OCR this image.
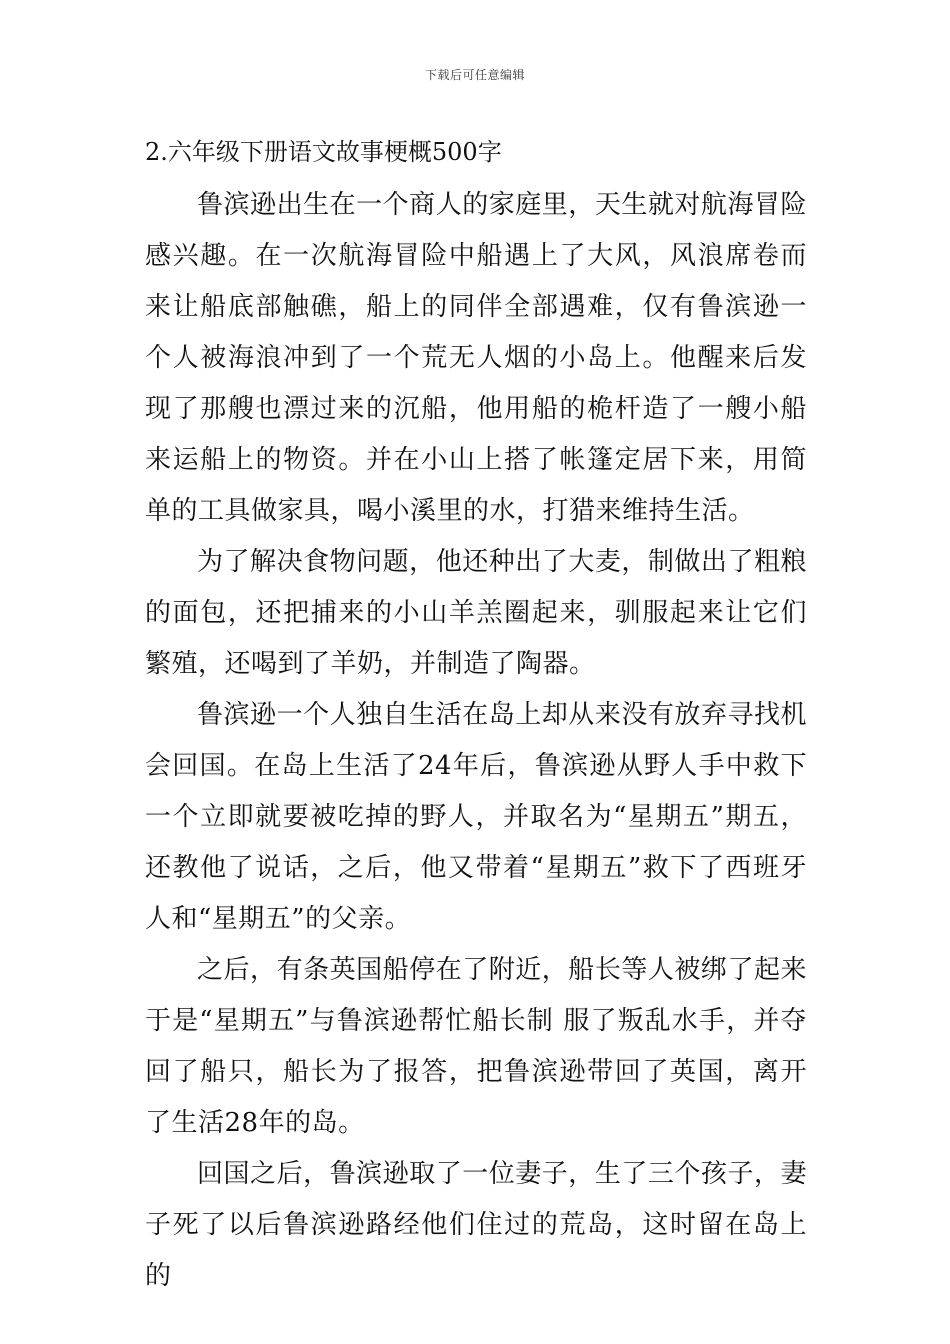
下载后可任意编辑
2.六年级下册语文故事梗概500字

鲁滨逊出生在一个商人的家庭里，天生就对航海冒险感兴趣。在一次航海冒险中船遇上了大风，风浪席卷而来让船底部触礁，船上的同伴全部遇难，仅有鲁滨逊一个人被海浪冲到了一个荒无人烟的小岛上。他醒来后发现了那艘也漂过来的沉船，他用船的桅杆造了一艘小船来运船上的物资。并在小山上搭了帐篷定居下来，用简单的工具做家具，喝小溪里的水，打猎来维持生活。

为了解决食物问题，他还种出了大麦，制做出了粗粮的面包，还把捕来的小山羊羔圈起来，驯服起来让它们繁殖，还喝到了羊奶，并制造了陶器。

鲁滨逊一个人独自生活在岛上却从来没有放弃寻找机会回国。在岛上生活了24年后，鲁滨逊从野人手中救下一个立即就要被吃掉的野人，并取名为“星期五”期五，还教他了说话，之后，他又带着“星期五”救下了西班牙人和“星期五”的父亲。

之后，有条英国船停在了附近，船长等人被绑了起来于是“星期五”与鲁滨逊帮忙船长制 服了叛乱水手，并夺回了船只，船长为了报答，把鲁滨逊带回了英国，离开了生活28年的岛。

回国之后，鲁滨逊取了一位妻子，生了三个孩子，妻子死了以后鲁滨逊路经他们住过的荒岛，这时留在岛上的
